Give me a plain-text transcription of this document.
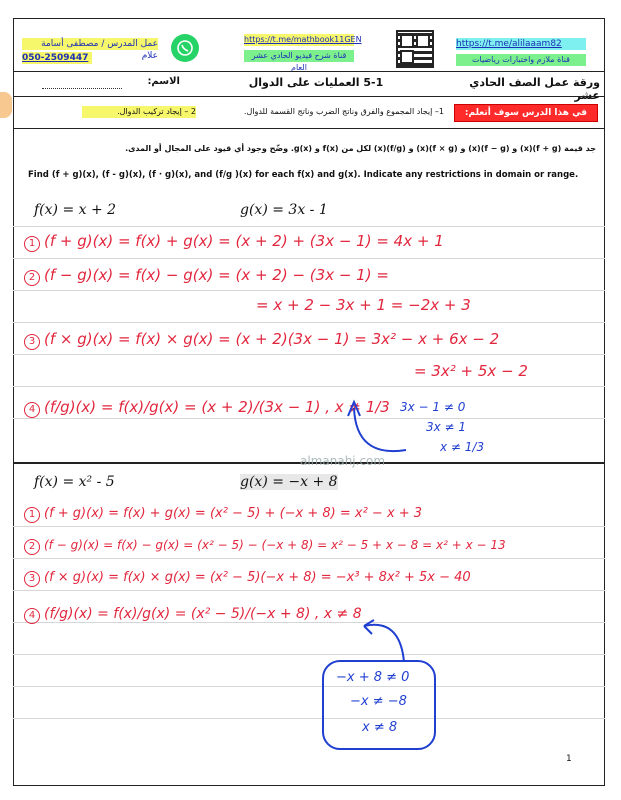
عمل المدرس / مصطفى أسامة علام
050-2509447
https://t.me/mathbook11GEN
قناة شرح فيديو الحادي عشر العام
https://t.me/alilaaam82
قناة ملازم واختبارات رياضيات
ورقة عمل الصف الحادي عشر
5-1 العمليات على الدوال
الاسم:
في هذا الدرس سوف أتعلم:
1– إيجاد المجموع والفرق وناتج الضرب وناتج القسمة للدوال.
2 – إيجاد تركيب الدوال.
جد قيمة (f + g)(x) و (f − g)(x) و (f × g)(x) و (f/g)(x) لكل من f(x) و g(x). وضّح وجود أي قيود على المجال أو المدى.
Find (f + g)(x), (f - g)(x), (f · g)(x), and (f/g )(x) for each f(x) and g(x). Indicate any restrictions in domain or range.
f(x) = x + 2	g(x) = 3x - 1
1 (f + g)(x) = f(x) + g(x) = (x + 2) + (3x − 1) = 4x + 1
2 (f − g)(x) = f(x) − g(x) = (x + 2) − (3x − 1) =
= x + 2 − 3x + 1 = −2x + 3
3 (f × g)(x) = f(x) × g(x) = (x + 2)(3x − 1) = 3x² − x + 6x − 2
= 3x² + 5x − 2
4 (f/g)(x) = f(x)/g(x) = (x + 2)/(3x − 1) , x ≠ 1/3 3x − 1 ≠ 0
3x ≠ 1
x ≠ 1/3
f(x) = x² - 5	g(x) = −x + 8
1 (f + g)(x) = f(x) + g(x) = (x² − 5) + (−x + 8) = x² − x + 3
2 (f − g)(x) = f(x) − g(x) = (x² − 5) − (−x + 8) = x² − 5 + x − 8 = x² + x − 13
3 (f × g)(x) = f(x) × g(x) = (x² − 5)(−x + 8) = −x³ + 8x² + 5x − 40
4 (f/g)(x) = f(x)/g(x) = (x² − 5)/(−x + 8) , x ≠ 8
−x + 8 ≠ 0
−x ≠ −8
x ≠ 8
almanahj.com
1
